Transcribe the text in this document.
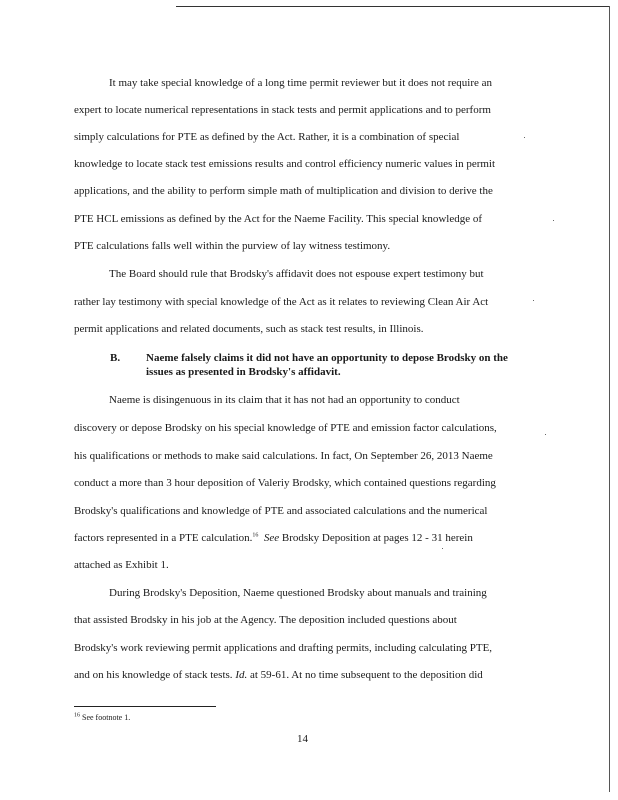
It may take special knowledge of a long time permit reviewer but it does not require an
expert to locate numerical representations in stack tests and permit applications and to perform
simply calculations for PTE as defined by the Act. Rather, it is a combination of special
knowledge to locate stack test emissions results and control efficiency numeric values in permit
applications, and the ability to perform simple math of multiplication and division to derive the
PTE HCL emissions as defined by the Act for the Naeme Facility. This special knowledge of
PTE calculations falls well within the purview of lay witness testimony.
The Board should rule that Brodsky's affidavit does not espouse expert testimony but
rather lay testimony with special knowledge of the Act as it relates to reviewing Clean Air Act
permit applications and related documents, such as stack test results, in Illinois.
B. Naeme falsely claims it did not have an opportunity to depose Brodsky on the
issues as presented in Brodsky's affidavit.
Naeme is disingenuous in its claim that it has not had an opportunity to conduct
discovery or depose Brodsky on his special knowledge of PTE and emission factor calculations,
his qualifications or methods to make said calculations. In fact, On September 26, 2013 Naeme
conduct a more than 3 hour deposition of Valeriy Brodsky, which contained questions regarding
Brodsky's qualifications and knowledge of PTE and associated calculations and the numerical
factors represented in a PTE calculation.$^{16}$ See Brodsky Deposition at pages 12 - 31 herein
attached as Exhibit 1.
During Brodsky's Deposition, Naeme questioned Brodsky about manuals and training
that assisted Brodsky in his job at the Agency. The deposition included questions about
Brodsky's work reviewing permit applications and drafting permits, including calculating PTE,
and on his knowledge of stack tests. Id. at 59-61. At no time subsequent to the deposition did
$^{16}$ See footnote 1.
14
